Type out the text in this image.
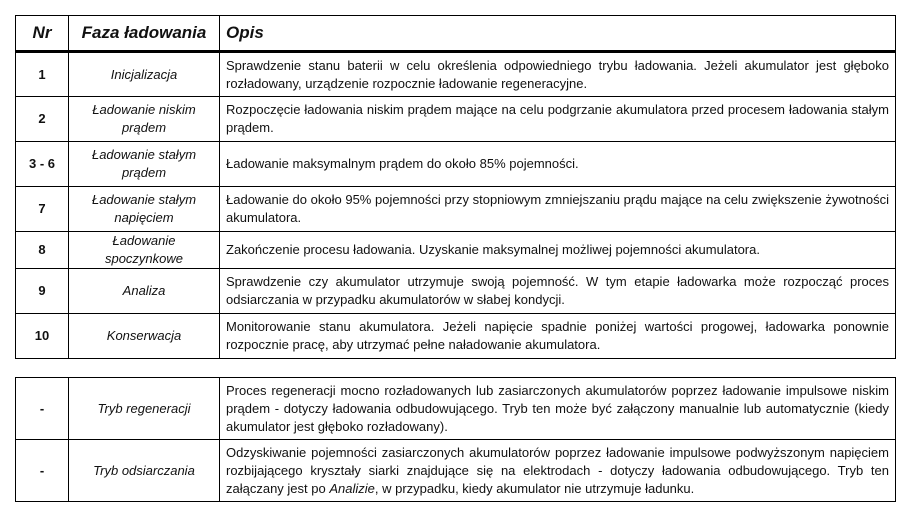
Nr	Faza ładowania	Opis
1	Inicjalizacja	Sprawdzenie stanu baterii w celu określenia odpowiedniego trybu ładowania. Jeżeli akumulator jest głęboko rozładowany, urządzenie rozpocznie ładowanie regeneracyjne.
2	Ładowanie niskim prądem	Rozpoczęcie ładowania niskim prądem mające na celu podgrzanie akumulatora przed procesem ładowania stałym prądem.
3 - 6	Ładowanie stałym prądem	Ładowanie maksymalnym prądem do około 85% pojemności.
7	Ładowanie stałym napięciem	Ładowanie do około 95% pojemności przy stopniowym zmniejszaniu prądu mające na celu zwiększenie żywotności akumulatora.
8	Ładowanie spoczynkowe	Zakończenie procesu ładowania. Uzyskanie maksymalnej możliwej pojemności akumulatora.
9	Analiza	Sprawdzenie czy akumulator utrzymuje swoją pojemność. W tym etapie ładowarka może rozpocząć proces odsiarczania w przypadku akumulatorów w słabej kondycji.
10	Konserwacja	Monitorowanie stanu akumulatora. Jeżeli napięcie spadnie poniżej wartości progowej, ładowarka ponownie rozpocznie pracę, aby utrzymać pełne naładowanie akumulatora.
-	Tryb regeneracji	Proces regeneracji mocno rozładowanych lub zasiarczonych akumulatorów poprzez ładowanie impulsowe niskim prądem - dotyczy ładowania odbudowującego. Tryb ten może być załączony manualnie lub automatycznie (kiedy akumulator jest głęboko rozładowany).
-	Tryb odsiarczania	Odzyskiwanie pojemności zasiarczonych akumulatorów poprzez ładowanie impulsowe podwyższonym napięciem rozbijającego kryształy siarki znajdujące się na elektrodach - dotyczy ładowania odbudowującego. Tryb ten załączany jest po Analizie, w przypadku, kiedy akumulator nie utrzymuje ładunku.
